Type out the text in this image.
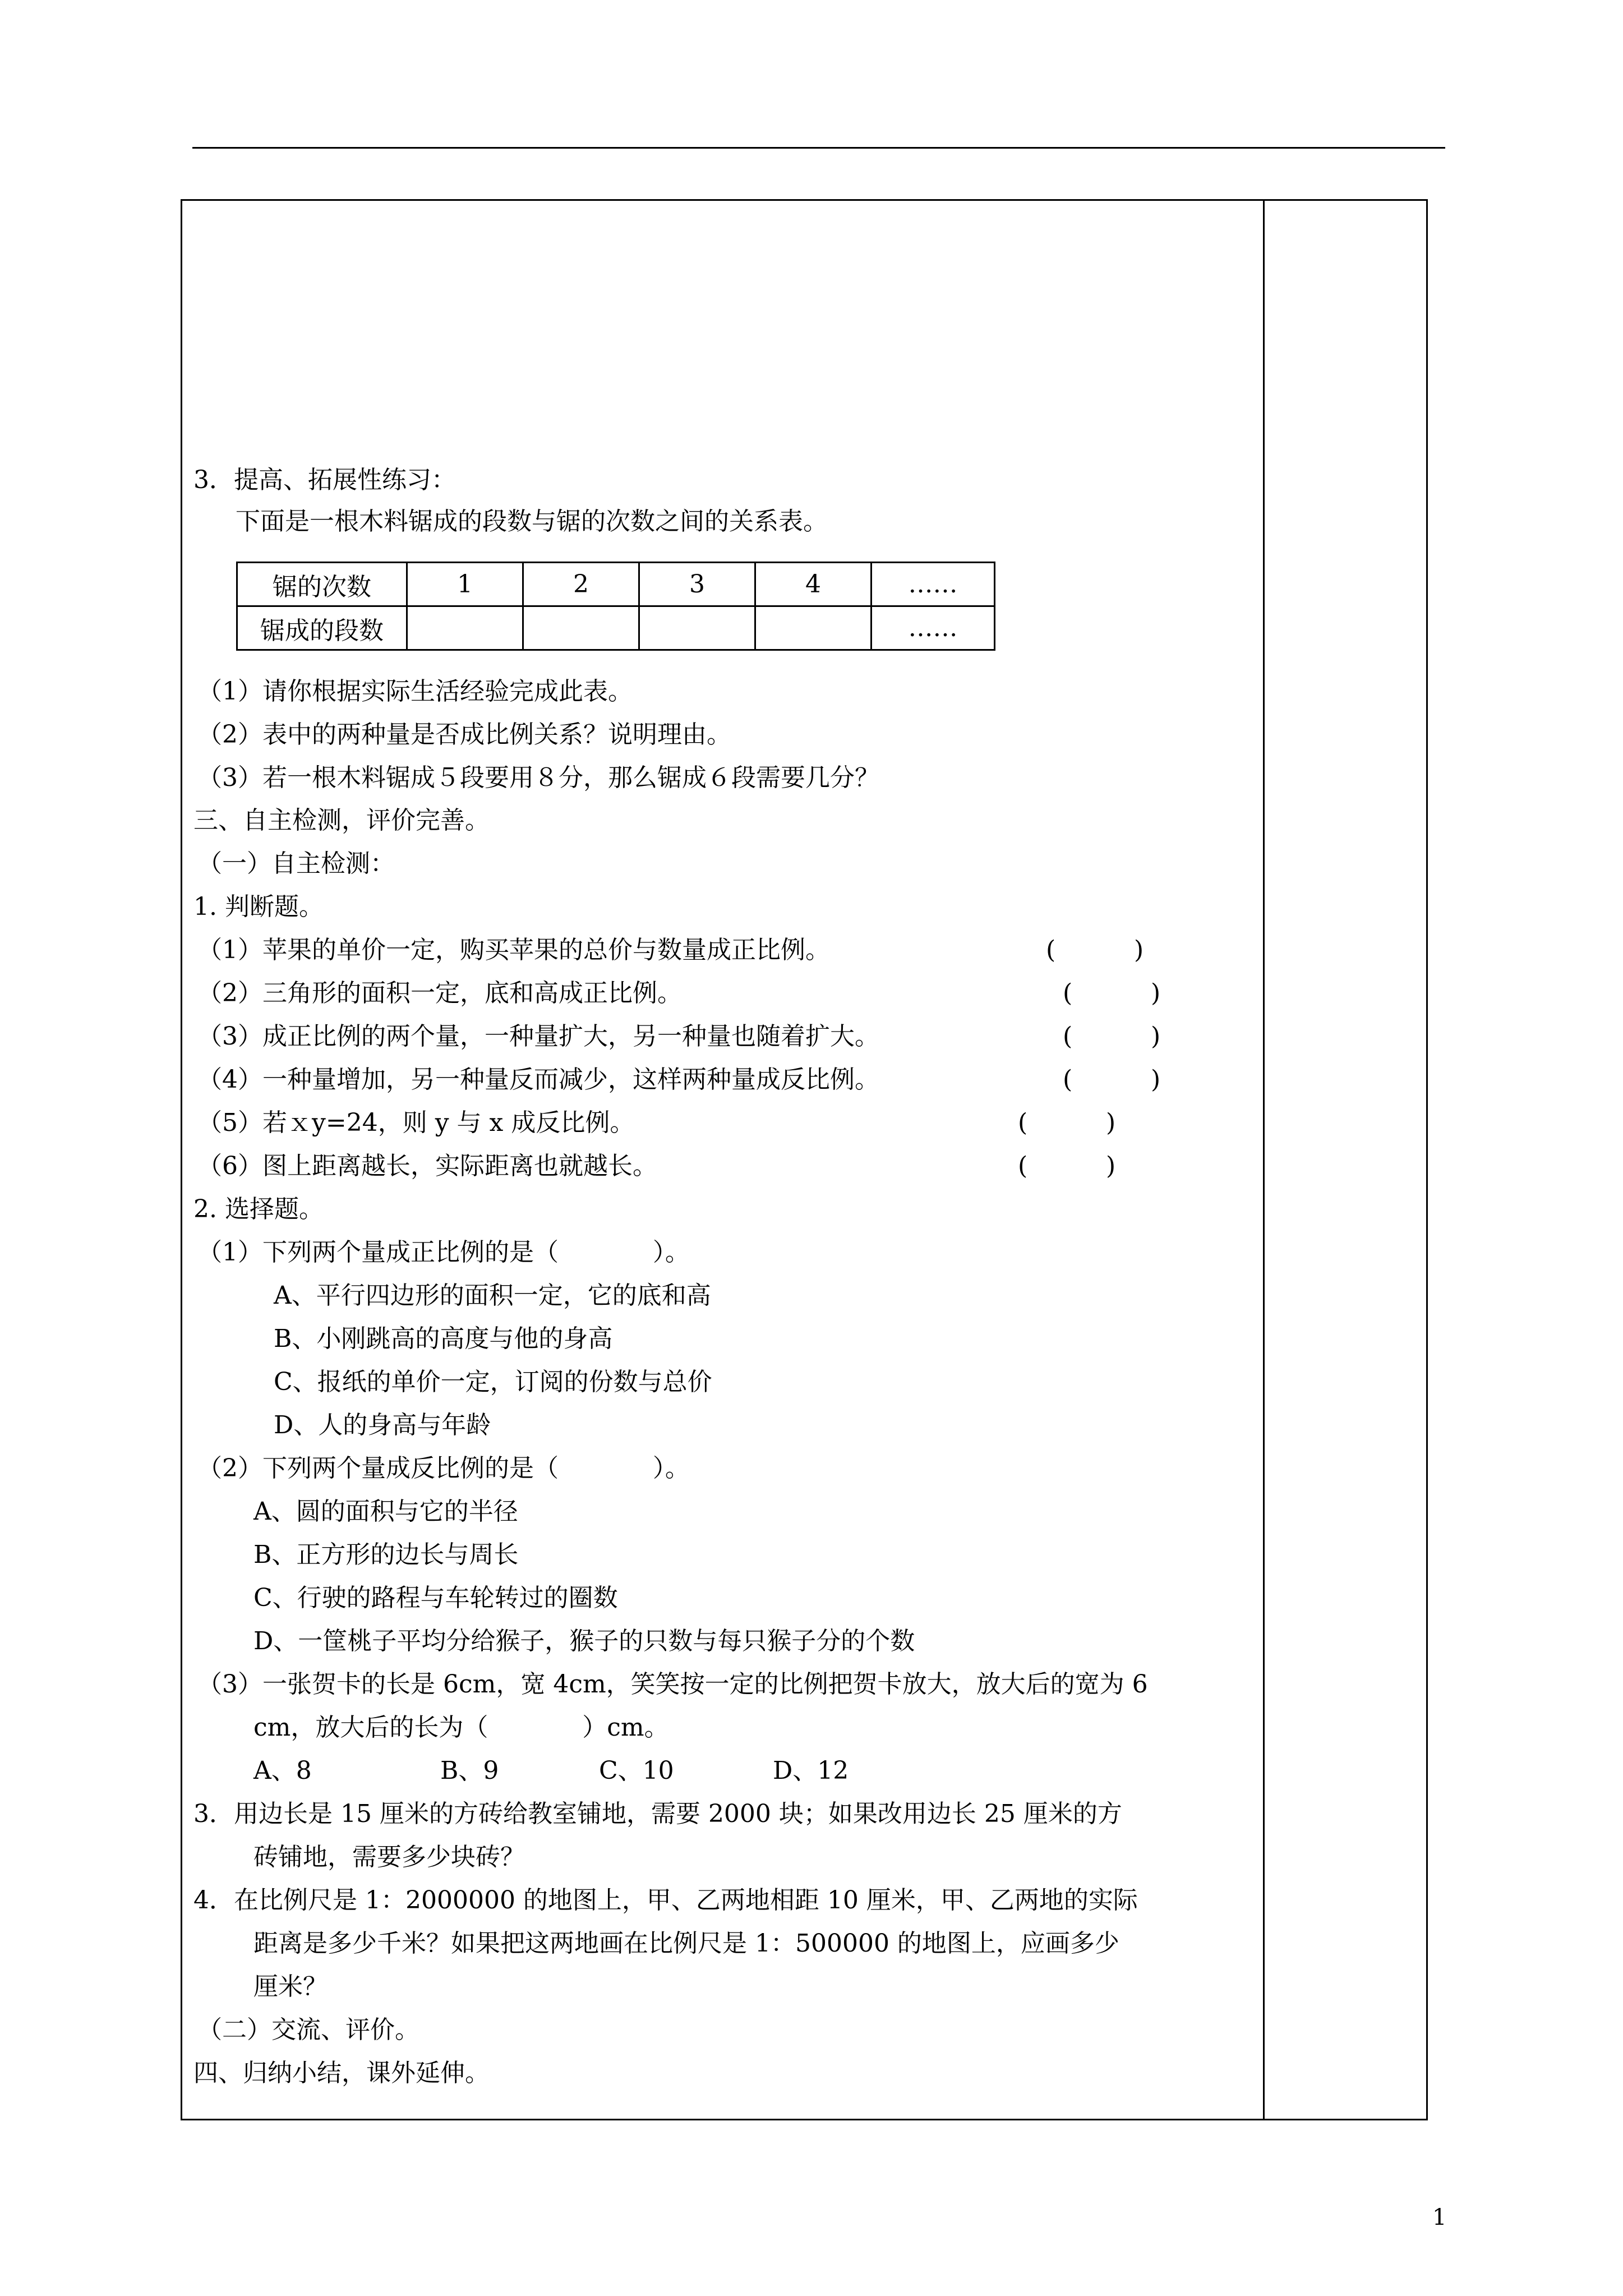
3．提高、拓展性练习：
下面是一根木料锯成的段数与锯的次数之间的关系表。
锯的次数	1	2	3	4	……
锯成的段数					……
（1）请你根据实际生活经验完成此表。
（2）表中的两种量是否成比例关系？说明理由。
（3）若一根木料锯成５段要用８分，那么锯成６段需要几分？
三、自主检测，评价完善。
（一）自主检测：
1. 判断题。
（1）苹果的单价一定，购买苹果的总价与数量成正比例。	(          )
（2）三角形的面积一定，底和高成正比例。	(          )
（3）成正比例的两个量，一种量扩大，另一种量也随着扩大。	(          )
（4）一种量增加，另一种量反而减少，这样两种量成反比例。	(          )
（5）若ｘy=24，则 y 与 x 成反比例。	(          )
（6）图上距离越长，实际距离也就越长。	(          )
2. 选择题。
（1）下列两个量成正比例的是（            ）。
A、平行四边形的面积一定，它的底和高
B、小刚跳高的高度与他的身高
C、报纸的单价一定，订阅的份数与总价
D、人的身高与年龄
（2）下列两个量成反比例的是（            ）。
A、圆的面积与它的半径
B、正方形的边长与周长
C、行驶的路程与车轮转过的圈数
D、一筐桃子平均分给猴子，猴子的只数与每只猴子分的个数
（3）一张贺卡的长是 6cm，宽 4cm，笑笑按一定的比例把贺卡放大，放大后的宽为 6
cm，放大后的长为（            ）cm。
A、8	B、9	C、10	D、12
3．用边长是 15 厘米的方砖给教室铺地，需要 2000 块；如果改用边长 25 厘米的方
砖铺地，需要多少块砖？
4．在比例尺是 1：2000000 的地图上，甲、乙两地相距 10 厘米，甲、乙两地的实际
距离是多少千米？如果把这两地画在比例尺是 1：500000 的地图上，应画多少
厘米？
（二）交流、评价。
四、归纳小结，课外延伸。
1
